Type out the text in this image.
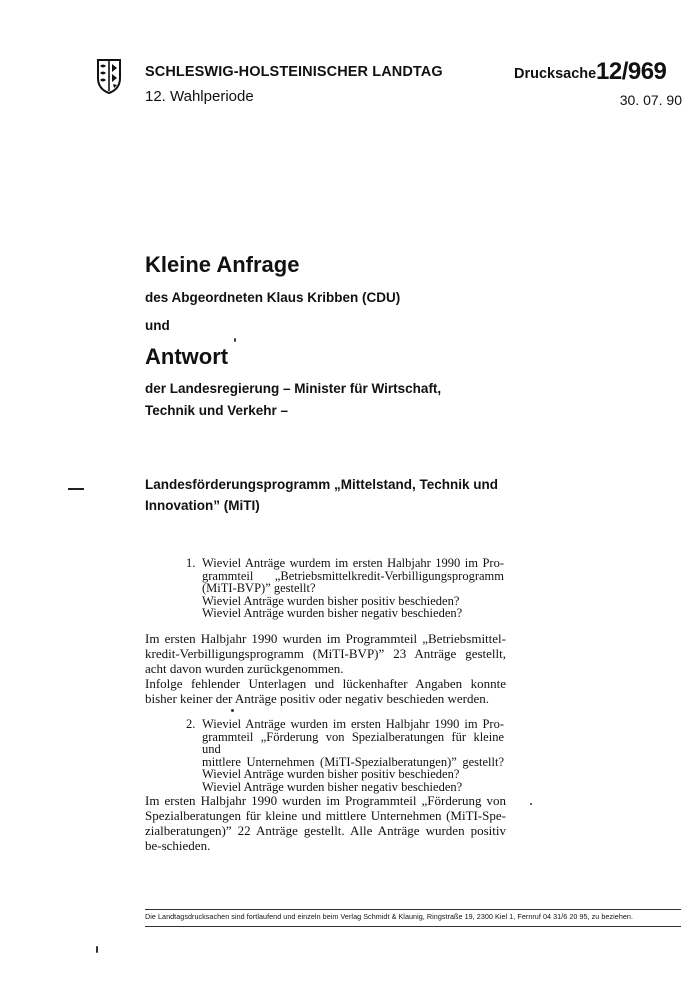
SCHLESWIG-HOLSTEINISCHER LANDTAG
12. Wahlperiode
Drucksache 12/969
30. 07. 90
Kleine Anfrage
des Abgeordneten Klaus Kribben (CDU)
und
Antwort
der Landesregierung – Minister für Wirtschaft,
Technik und Verkehr –
Landesförderungsprogramm „Mittelstand, Technik und
Innovation” (MiTI)
1. Wieviel Anträge wurdem im ersten Halbjahr 1990 im Pro-
grammteil „Betriebsmittelkredit-Verbilligungsprogramm
(MiTI-BVP)” gestellt?
Wieviel Anträge wurden bisher positiv beschieden?
Wieviel Anträge wurden bisher negativ beschieden?
Im ersten Halbjahr 1990 wurden im Programmteil „Betriebsmittel-kredit-Verbilligungsprogramm (MiTI-BVP)” 23 Anträge gestellt, acht davon wurden zurückgenommen.
Infolge fehlender Unterlagen und lückenhafter Angaben konnte bisher keiner der Anträge positiv oder negativ beschieden werden.
2. Wieviel Anträge wurden im ersten Halbjahr 1990 im Pro-
grammteil „Förderung von Spezialberatungen für kleine und
mittlere Unternehmen (MiTI-Spezialberatungen)” gestellt?
Wieviel Anträge wurden bisher positiv beschieden?
Wieviel Anträge wurden bisher negativ beschieden?
Im ersten Halbjahr 1990 wurden im Programmteil „Förderung von Spezialberatungen für kleine und mittlere Unternehmen (MiTI-Spe-zialberatungen)” 22 Anträge gestellt. Alle Anträge wurden positiv be-schieden.
Die Landtagsdrucksachen sind fortlaufend und einzeln beim Verlag Schmidt & Klaunig, Ringstraße 19, 2300 Kiel 1, Fernruf 04 31/6 20 95, zu beziehen.
